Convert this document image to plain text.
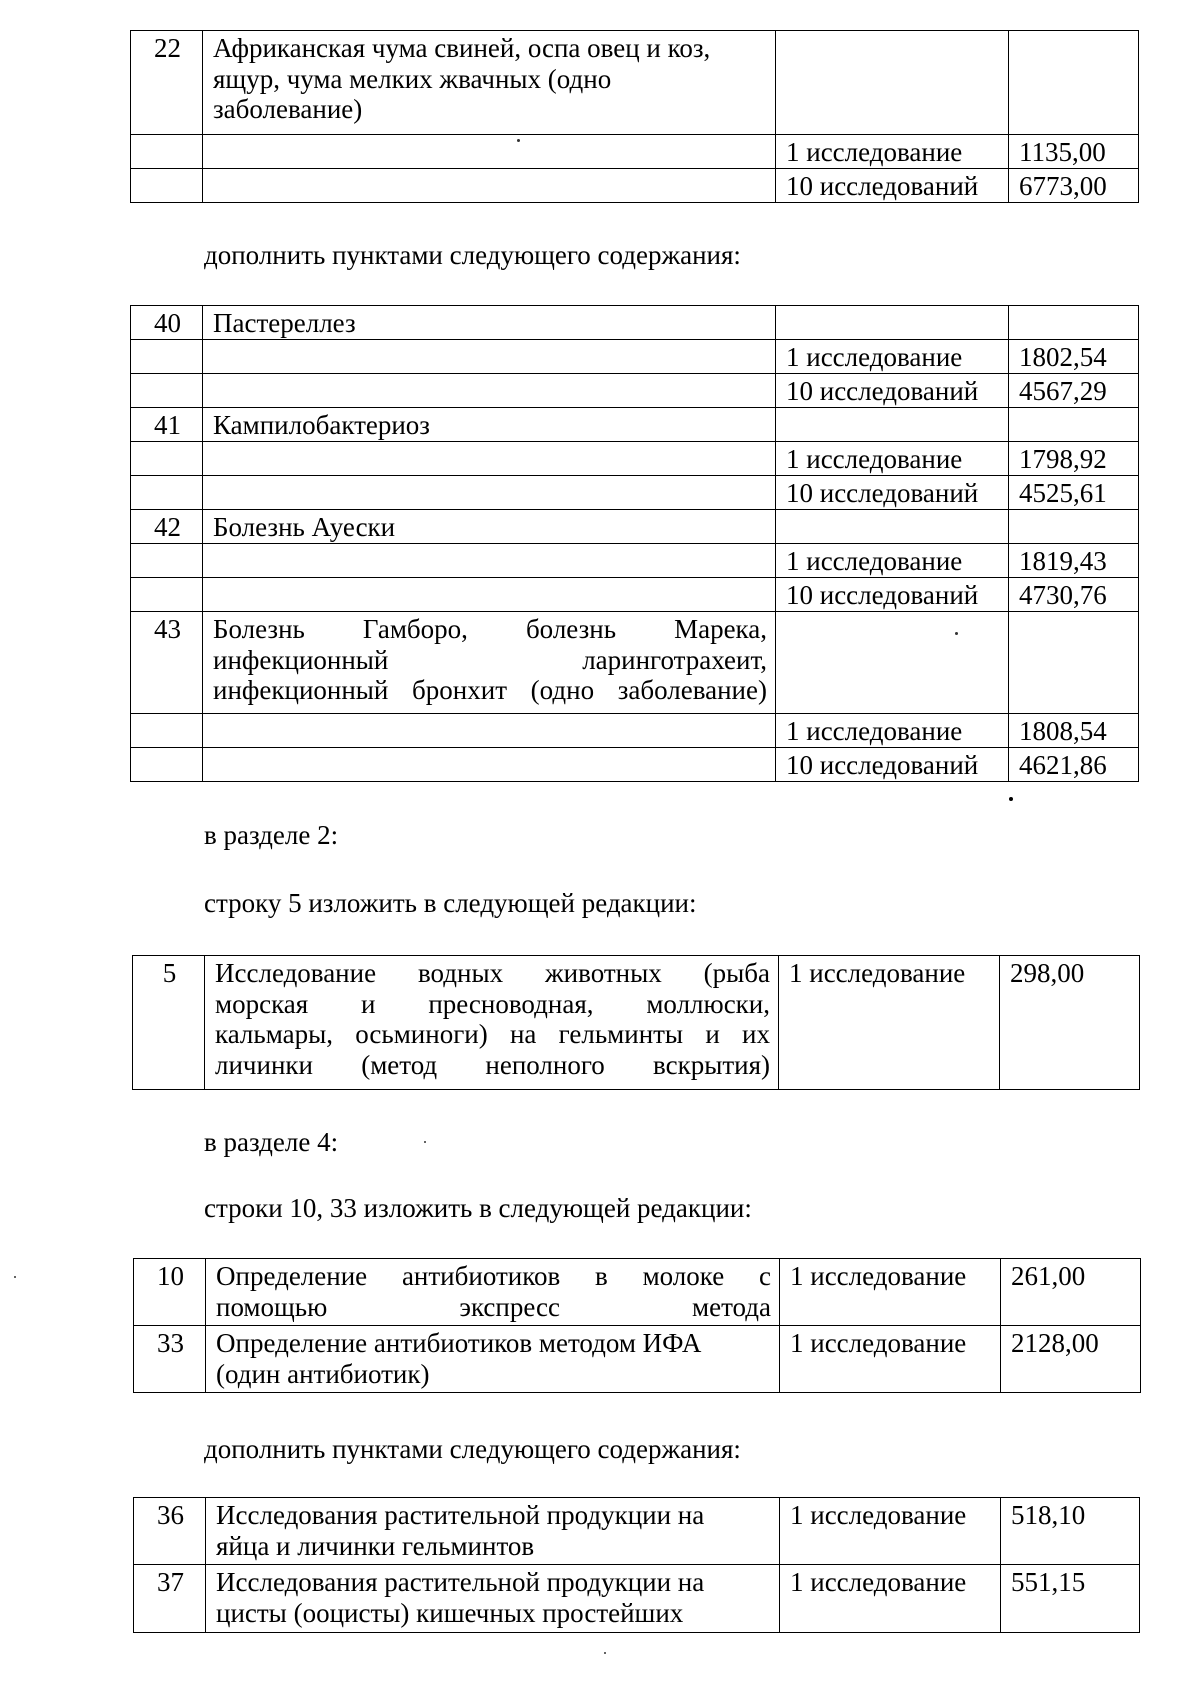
22	Африканская чума свиней, оспа овец и коз,
ящур, чума мелких жвачных (одно
заболевание)		

		1 исследование	1135,00
		10 исследований	6773,00
дополнить пунктами следующего содержания:
40	Пастереллез		
		1 исследование	1802,54
		10 исследований	4567,29
41	Кампилобактериоз		
		1 исследование	1798,92
		10 исследований	4525,61
42	Болезнь Ауески		
		1 исследование	1819,43
		10 исследований	4730,76
43	Болезнь Гамборо, болезнь Марека,
инфекционный ларинготрахеит,
инфекционный бронхит (одно заболевание)		

		1 исследование	1808,54
		10 исследований	4621,86
в разделе 2:
строку 5 изложить в следующей редакции:
5	Исследование водных животных (рыба
морская и пресноводная, моллюски,
кальмары, осьминоги) на гельминты и их
личинки (метод неполного вскрытия)
	1 исследование	298,00
в разделе 4:
строки 10, 33 изложить в следующей редакции:
10	Определение антибиотиков в молоке с
помощью экспресс метода	1 исследование	261,00
33	Определение антибиотиков методом ИФА
(один антибиотик)	1 исследование	2128,00
дополнить пунктами следующего содержания:
36	Исследования растительной продукции на
яйца и личинки гельминтов	1 исследование	518,10
37	Исследования растительной продукции на
цисты (ооцисты) кишечных простейших	1 исследование	551,15
